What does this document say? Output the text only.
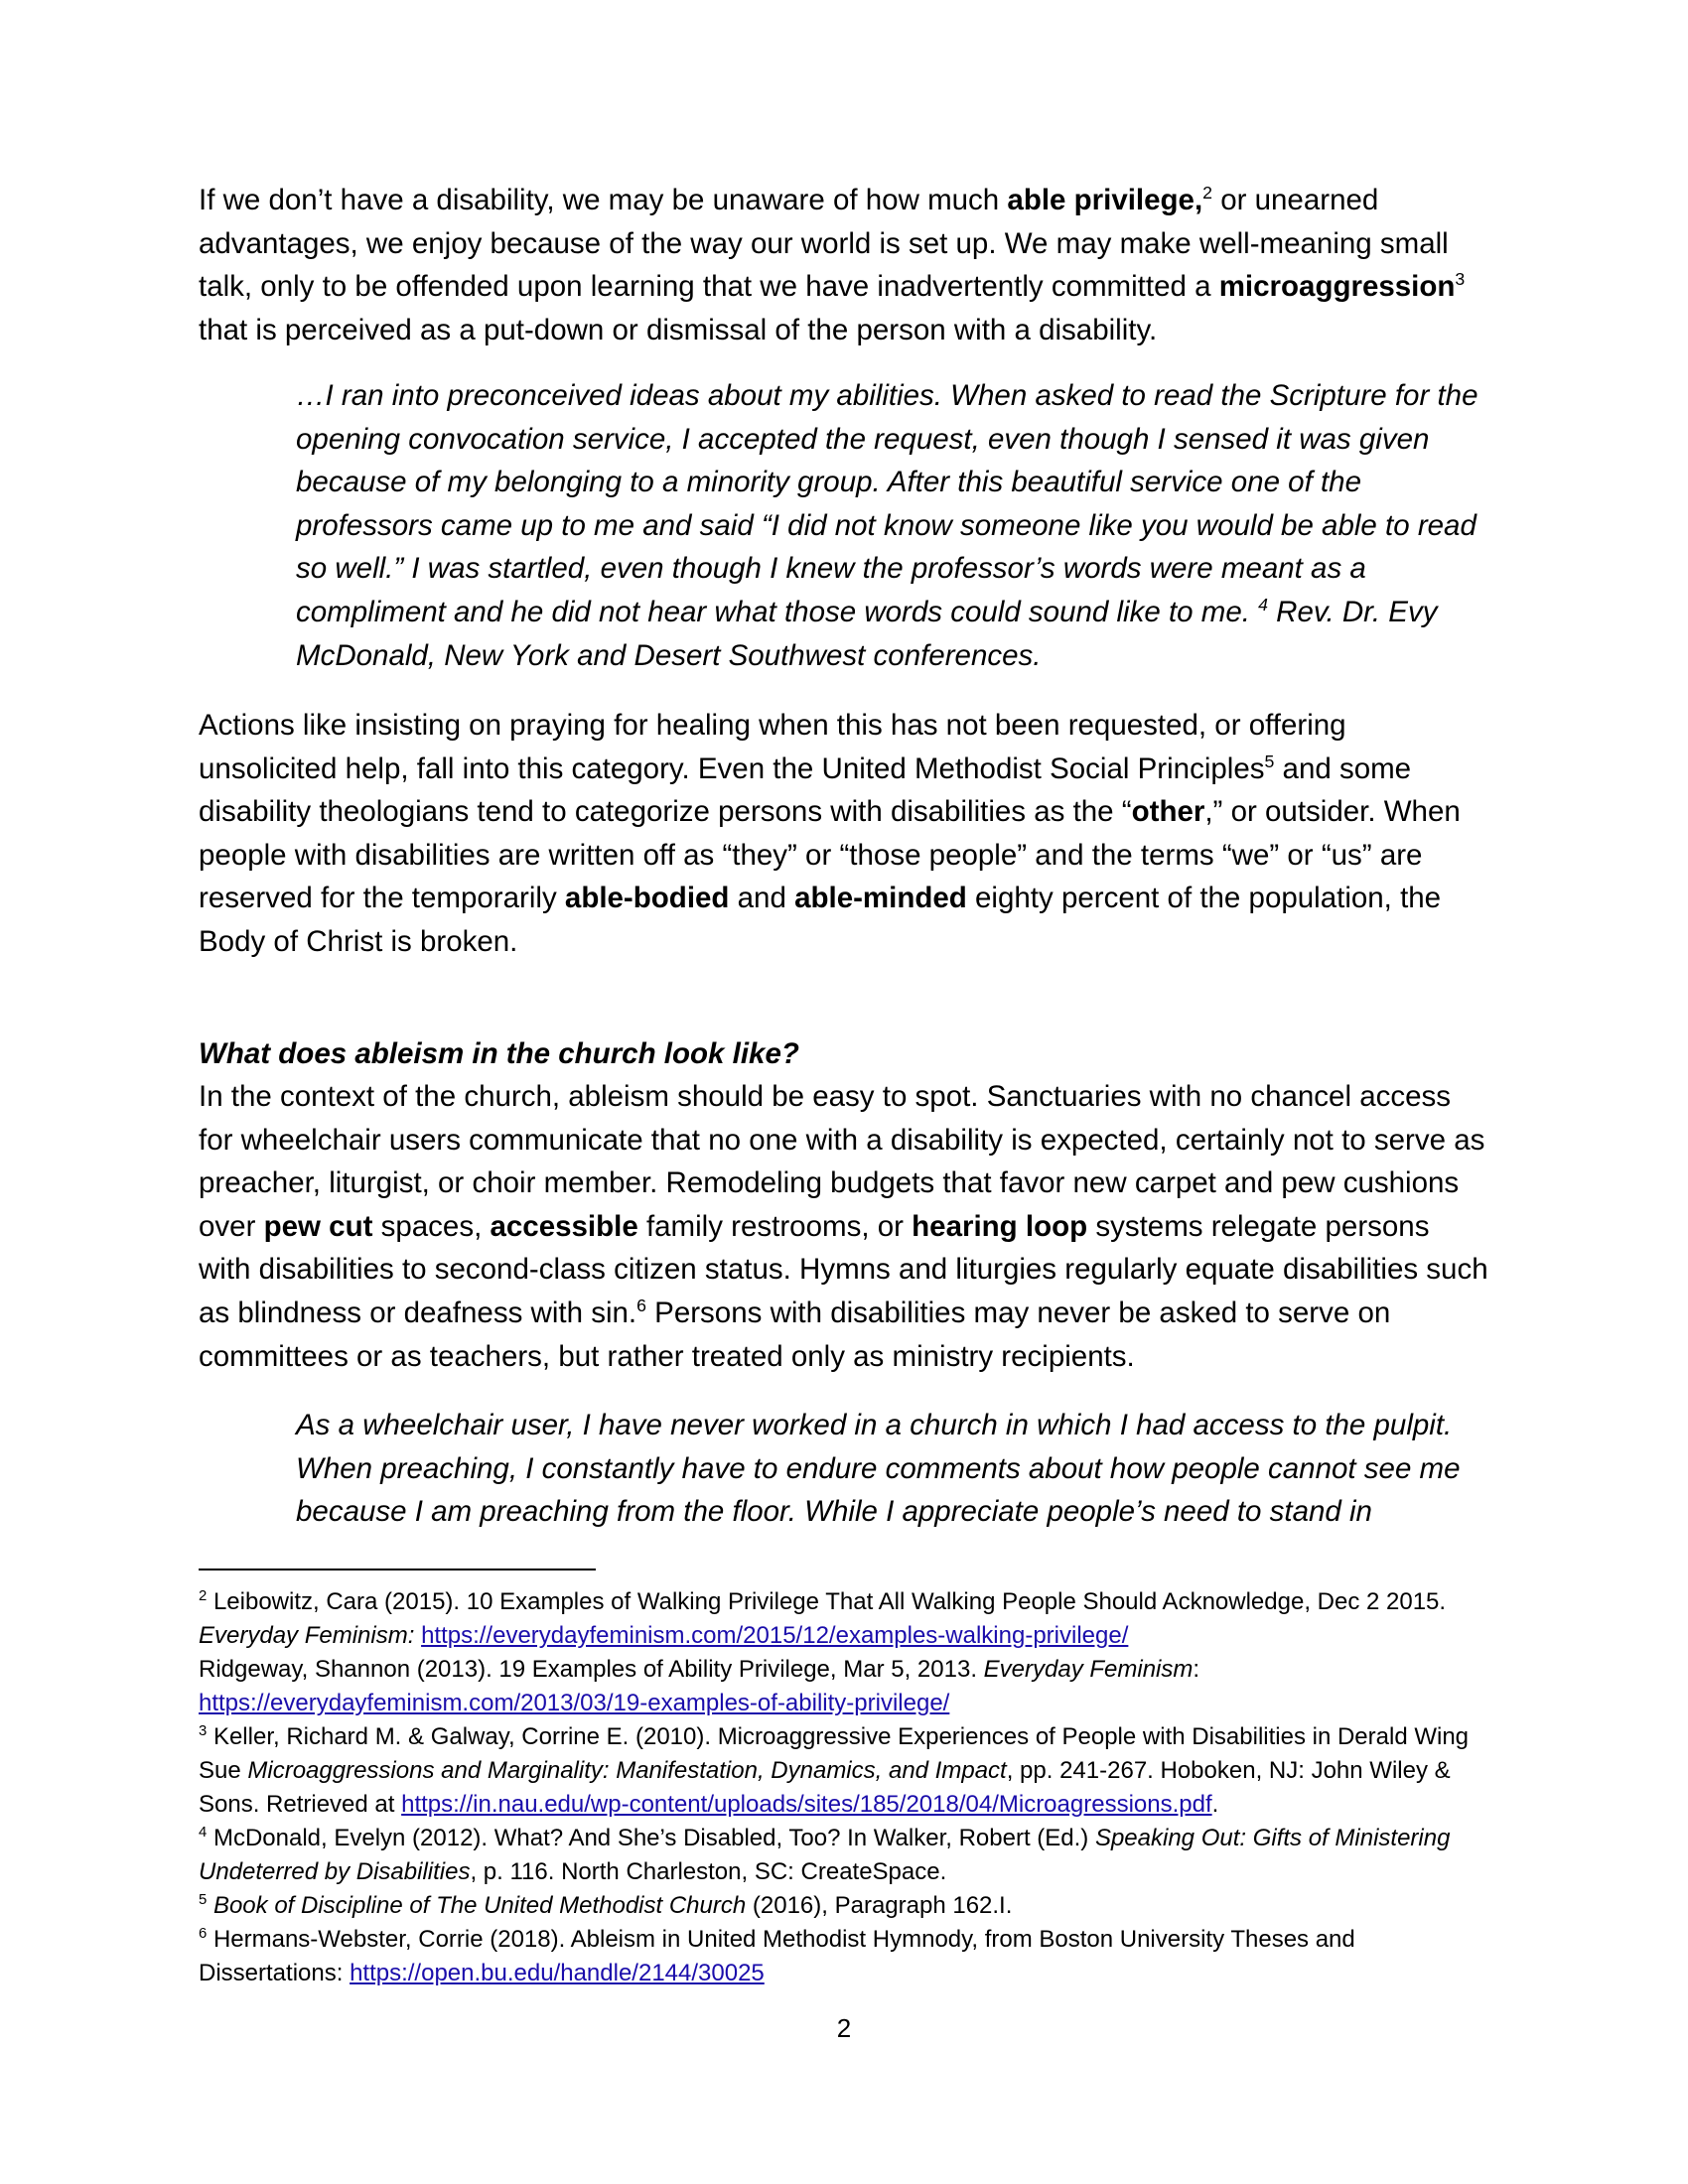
If we don’t have a disability, we may be unaware of how much able privilege,$^2$ or unearned advantages, we enjoy because of the way our world is set up. We may make well-meaning small talk, only to be offended upon learning that we have inadvertently committed a microaggression$^3$ that is perceived as a put-down or dismissal of the person with a disability.

…I ran into preconceived ideas about my abilities. When asked to read the Scripture for the opening convocation service, I accepted the request, even though I sensed it was given because of my belonging to a minority group. After this beautiful service one of the professors came up to me and said “I did not know someone like you would be able to read so well.” I was startled, even though I knew the professor’s words were meant as a compliment and he did not hear what those words could sound like to me. $^4$ Rev. Dr. Evy McDonald, New York and Desert Southwest conferences.

Actions like insisting on praying for healing when this has not been requested, or offering unsolicited help, fall into this category. Even the United Methodist Social Principles$^5$ and some disability theologians tend to categorize persons with disabilities as the “other,” or outsider. When people with disabilities are written off as “they” or “those people” and the terms “we” or “us” are reserved for the temporarily able-bodied and able-minded eighty percent of the population, the Body of Christ is broken.

What does ableism in the church look like?

In the context of the church, ableism should be easy to spot. Sanctuaries with no chancel access for wheelchair users communicate that no one with a disability is expected, certainly not to serve as preacher, liturgist, or choir member. Remodeling budgets that favor new carpet and pew cushions over pew cut spaces, accessible family restrooms, or hearing loop systems relegate persons with disabilities to second-class citizen status. Hymns and liturgies regularly equate disabilities such as blindness or deafness with sin.$^6$ Persons with disabilities may never be asked to serve on committees or as teachers, but rather treated only as ministry recipients.

As a wheelchair user, I have never worked in a church in which I had access to the pulpit. When preaching, I constantly have to endure comments about how people cannot see me because I am preaching from the floor. While I appreciate people’s need to stand in

$^2$ Leibowitz, Cara (2015). 10 Examples of Walking Privilege That All Walking People Should Acknowledge, Dec 2 2015. Everyday Feminism: https://everydayfeminism.com/2015/12/examples-walking-privilege/

Ridgeway, Shannon (2013). 19 Examples of Ability Privilege, Mar 5, 2013. Everyday Feminism:
https://everydayfeminism.com/2013/03/19-examples-of-ability-privilege/

$^3$ Keller, Richard M. & Galway, Corrine E. (2010). Microaggressive Experiences of People with Disabilities in Derald Wing Sue Microaggressions and Marginality: Manifestation, Dynamics, and Impact, pp. 241-267. Hoboken, NJ: John Wiley & Sons. Retrieved at https://in.nau.edu/wp-content/uploads/sites/185/2018/04/Microagressions.pdf.

$^4$ McDonald, Evelyn (2012). What? And She’s Disabled, Too? In Walker, Robert (Ed.) Speaking Out: Gifts of Ministering Undeterred by Disabilities, p. 116. North Charleston, SC: CreateSpace.

$^5$ Book of Discipline of The United Methodist Church (2016), Paragraph 162.I.

$^6$ Hermans-Webster, Corrie (2018). Ableism in United Methodist Hymnody, from Boston University Theses and Dissertations: https://open.bu.edu/handle/2144/30025

2
